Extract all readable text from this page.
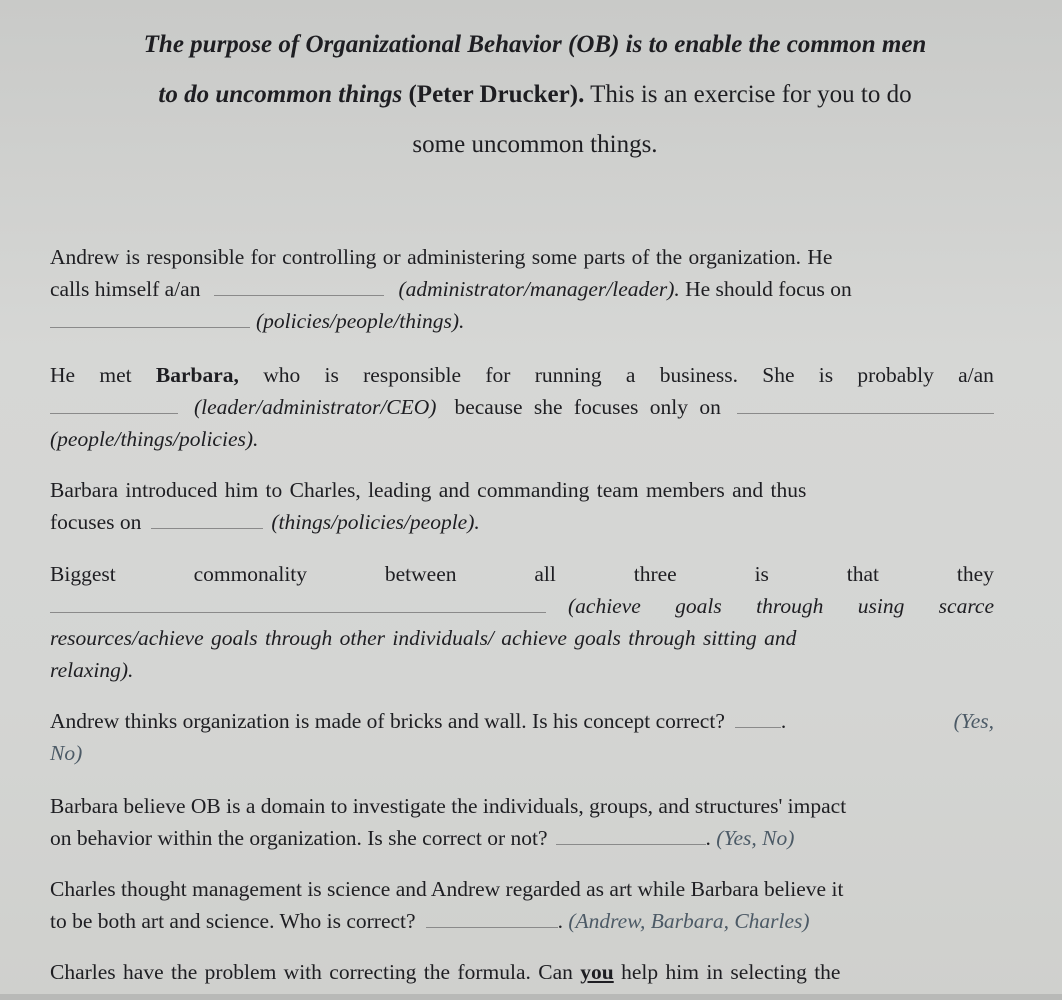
The purpose of Organizational Behavior (OB) is to enable the common men
to do uncommon things (Peter Drucker). This is an exercise for you to do
some uncommon things.
Andrew is responsible for controlling or administering some parts of the organization. He
calls himself a/an	(administrator/manager/leader). He should focus on
(policies/people/things).
He met Barbara, who is responsible for running a business. She is probably a/an
(leader/administrator/CEO) because she focuses only on
(people/things/policies).
Barbara introduced him to Charles, leading and commanding team members and thus
focuses on	(things/policies/people).
Biggest	commonality	between	all	three	is	that	they
(achieve goals through using scarce
resources/achieve goals through other individuals/ achieve goals through sitting and
relaxing).
Andrew thinks organization is made of bricks and wall. Is his concept correct?	.	(Yes,
No)
Barbara believe OB is a domain to investigate the individuals, groups, and structures' impact
on behavior within the organization. Is she correct or not?	. (Yes, No)
Charles thought management is science and Andrew regarded as art while Barbara believe it
to be both art and science. Who is correct?	. (Andrew, Barbara, Charles)
Charles have the problem with correcting the formula. Can you help him in selecting the
